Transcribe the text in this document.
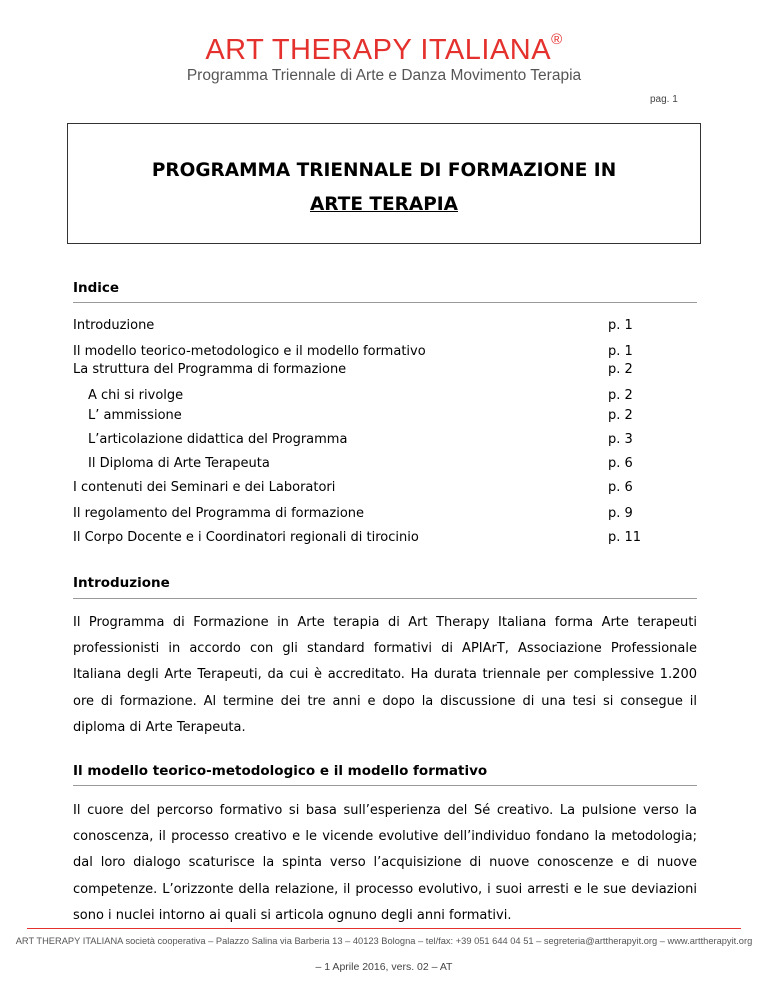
ART THERAPY ITALIANA®
Programma Triennale di Arte e Danza Movimento Terapia
pag. 1
PROGRAMMA TRIENNALE DI FORMAZIONE IN
ARTE TERAPIA
Indice
Introduzione	p. 1
Il modello teorico-metodologico e il modello formativo	p. 1
La struttura del Programma di formazione	p. 2
A chi si rivolge	p. 2
L’ ammissione	p. 2
L’articolazione didattica del Programma	p. 3
Il Diploma di Arte Terapeuta	p. 6
I contenuti dei Seminari e dei Laboratori	p. 6
Il regolamento del Programma di formazione	p. 9
Il Corpo Docente e i Coordinatori regionali di tirocinio	p. 11
Introduzione
Il Programma di Formazione in Arte terapia di Art Therapy Italiana forma Arte terapeuti professionisti in accordo con gli standard formativi di APIArT, Associazione Professionale Italiana degli Arte Terapeuti, da cui è accreditato. Ha durata triennale per complessive 1.200 ore di formazione. Al termine dei tre anni e dopo la discussione di una tesi si consegue il diploma di Arte Terapeuta.
Il modello teorico-metodologico e il modello formativo
Il cuore del percorso formativo si basa sull’esperienza del Sé creativo. La pulsione verso la conoscenza, il processo creativo e le vicende evolutive dell’individuo fondano la metodologia; dal loro dialogo scaturisce la spinta verso l’acquisizione di nuove conoscenze e di nuove competenze. L’orizzonte della relazione, il processo evolutivo, i suoi arresti e le sue deviazioni sono i nuclei intorno ai quali si articola ognuno degli anni formativi.
ART THERAPY ITALIANA società cooperativa – Palazzo Salina via Barberia 13 – 40123 Bologna – tel/fax: +39 051 644 04 51 – segreteria@arttherapyit.org – www.arttherapyit.org
– 1 Aprile 2016, vers. 02 – AT
